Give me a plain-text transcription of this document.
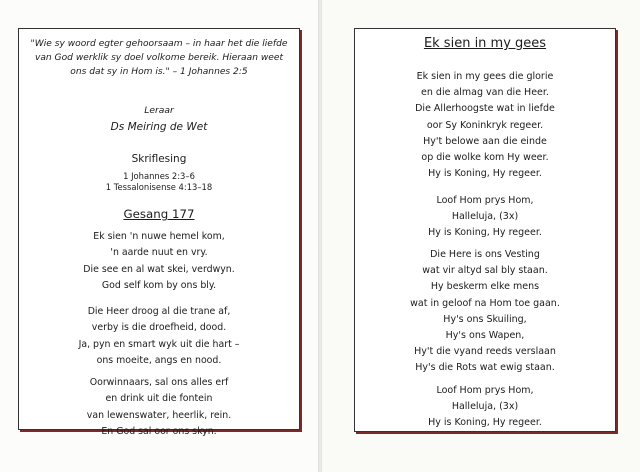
"Wie sy woord egter gehoorsaam – in haar het die liefde
van God werklik sy doel volkome bereik. Hieraan weet
ons dat sy in Hom is." – 1 Johannes 2:5
Leraar
Ds Meiring de Wet
Skriflesing
1 Johannes 2:3–6
Gesang 177
Ek sien 'n nuwe hemel kom,
'n aarde nuut en vry.
Die see en al wat skei, verdwyn.
God self kom by ons bly.
Die Heer droog al die trane af,
verby is die droefheid, dood.
Ja, pyn en smart wyk uit die hart –
ons moeite, angs en nood.
Oorwinnaars, sal ons alles erf
en drink uit die fontein
van lewenswater, heerlik, rein.
En God sal oor ons skyn.
Ek sien in my gees
Ek sien in my gees die glorie
en die almag van die Heer.
Die Allerhoogste wat in liefde
oor Sy Koninkryk regeer.
Hy't belowe aan die einde
op die wolke kom Hy weer.
Hy is Koning, Hy regeer.
Loof Hom prys Hom,
Halleluja, (3x)
Hy is Koning, Hy regeer.
Die Here is ons Vesting
wat vir altyd sal bly staan.
Hy beskerm elke mens
wat in geloof na Hom toe gaan.
Hy's ons Skuiling,
Hy's ons Wapen,
Hy't die vyand reeds verslaan
Hy's die Rots wat ewig staan.
Loof Hom prys Hom,
Halleluja, (3x)
Hy is Koning, Hy regeer.
1 Tessalonisense 4:13–18
